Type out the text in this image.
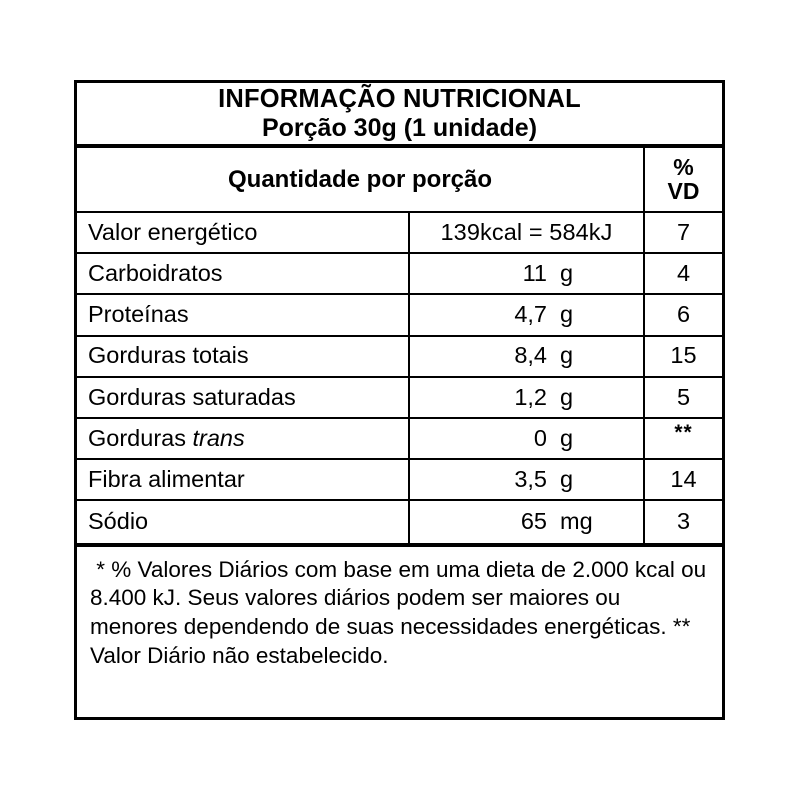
INFORMAÇÃO NUTRICIONAL
Porção 30g (1 unidade)
Quantidade por porção	%
VD
Valor energético	139kcal = 584kJ	7
Carboidratos	11 g	4
Proteínas	4,7 g	6
Gorduras totais	8,4 g	15
Gorduras saturadas	1,2 g	5
Gorduras trans	0 g	**
Fibra alimentar	3,5 g	14
Sódio	65 mg	3
* % Valores Diários com base em uma dieta de 2.000 kcal ou 8.400 kJ. Seus valores diários podem ser maiores ou menores dependendo de suas necessidades energéticas. ** Valor Diário não estabelecido.
